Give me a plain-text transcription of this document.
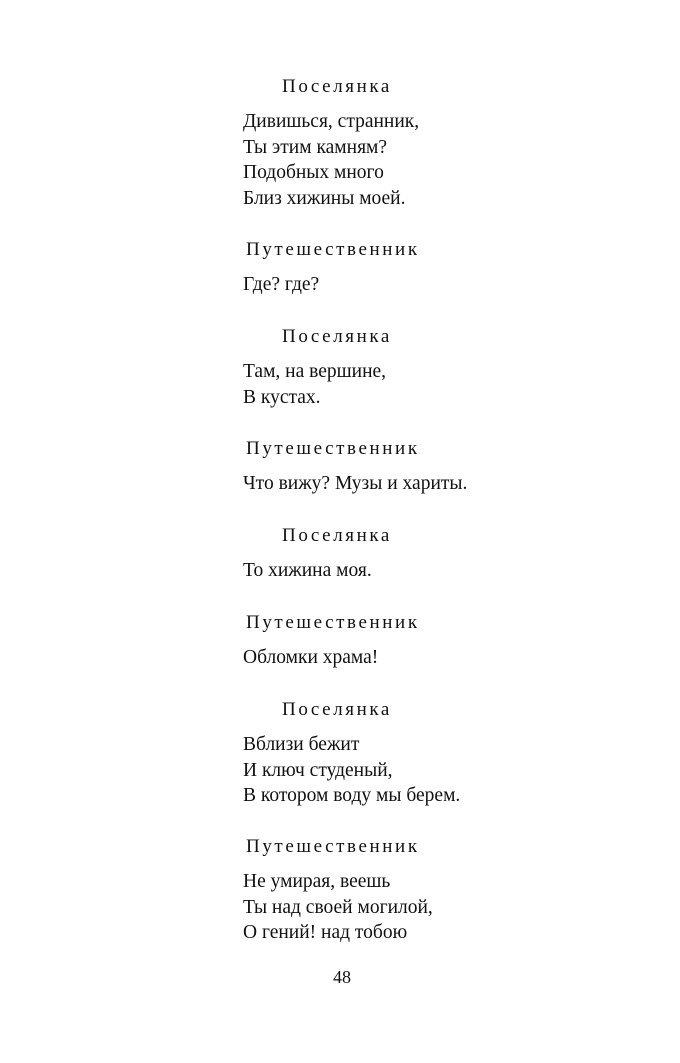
Поселянка
Дивишься, странник,
Ты этим камням?
Подобных много
Близ хижины моей.
Путешественник
Где? где?
Поселянка
Там, на вершине,
В кустах.
Путешественник
Что вижу? Музы и хариты.
Поселянка
То хижина моя.
Путешественник
Обломки храма!
Поселянка
Вблизи бежит
И ключ студеный,
В котором воду мы берем.
Путешественник
Не умирая, веешь
Ты над своей могилой,
О гений! над тобою
48
